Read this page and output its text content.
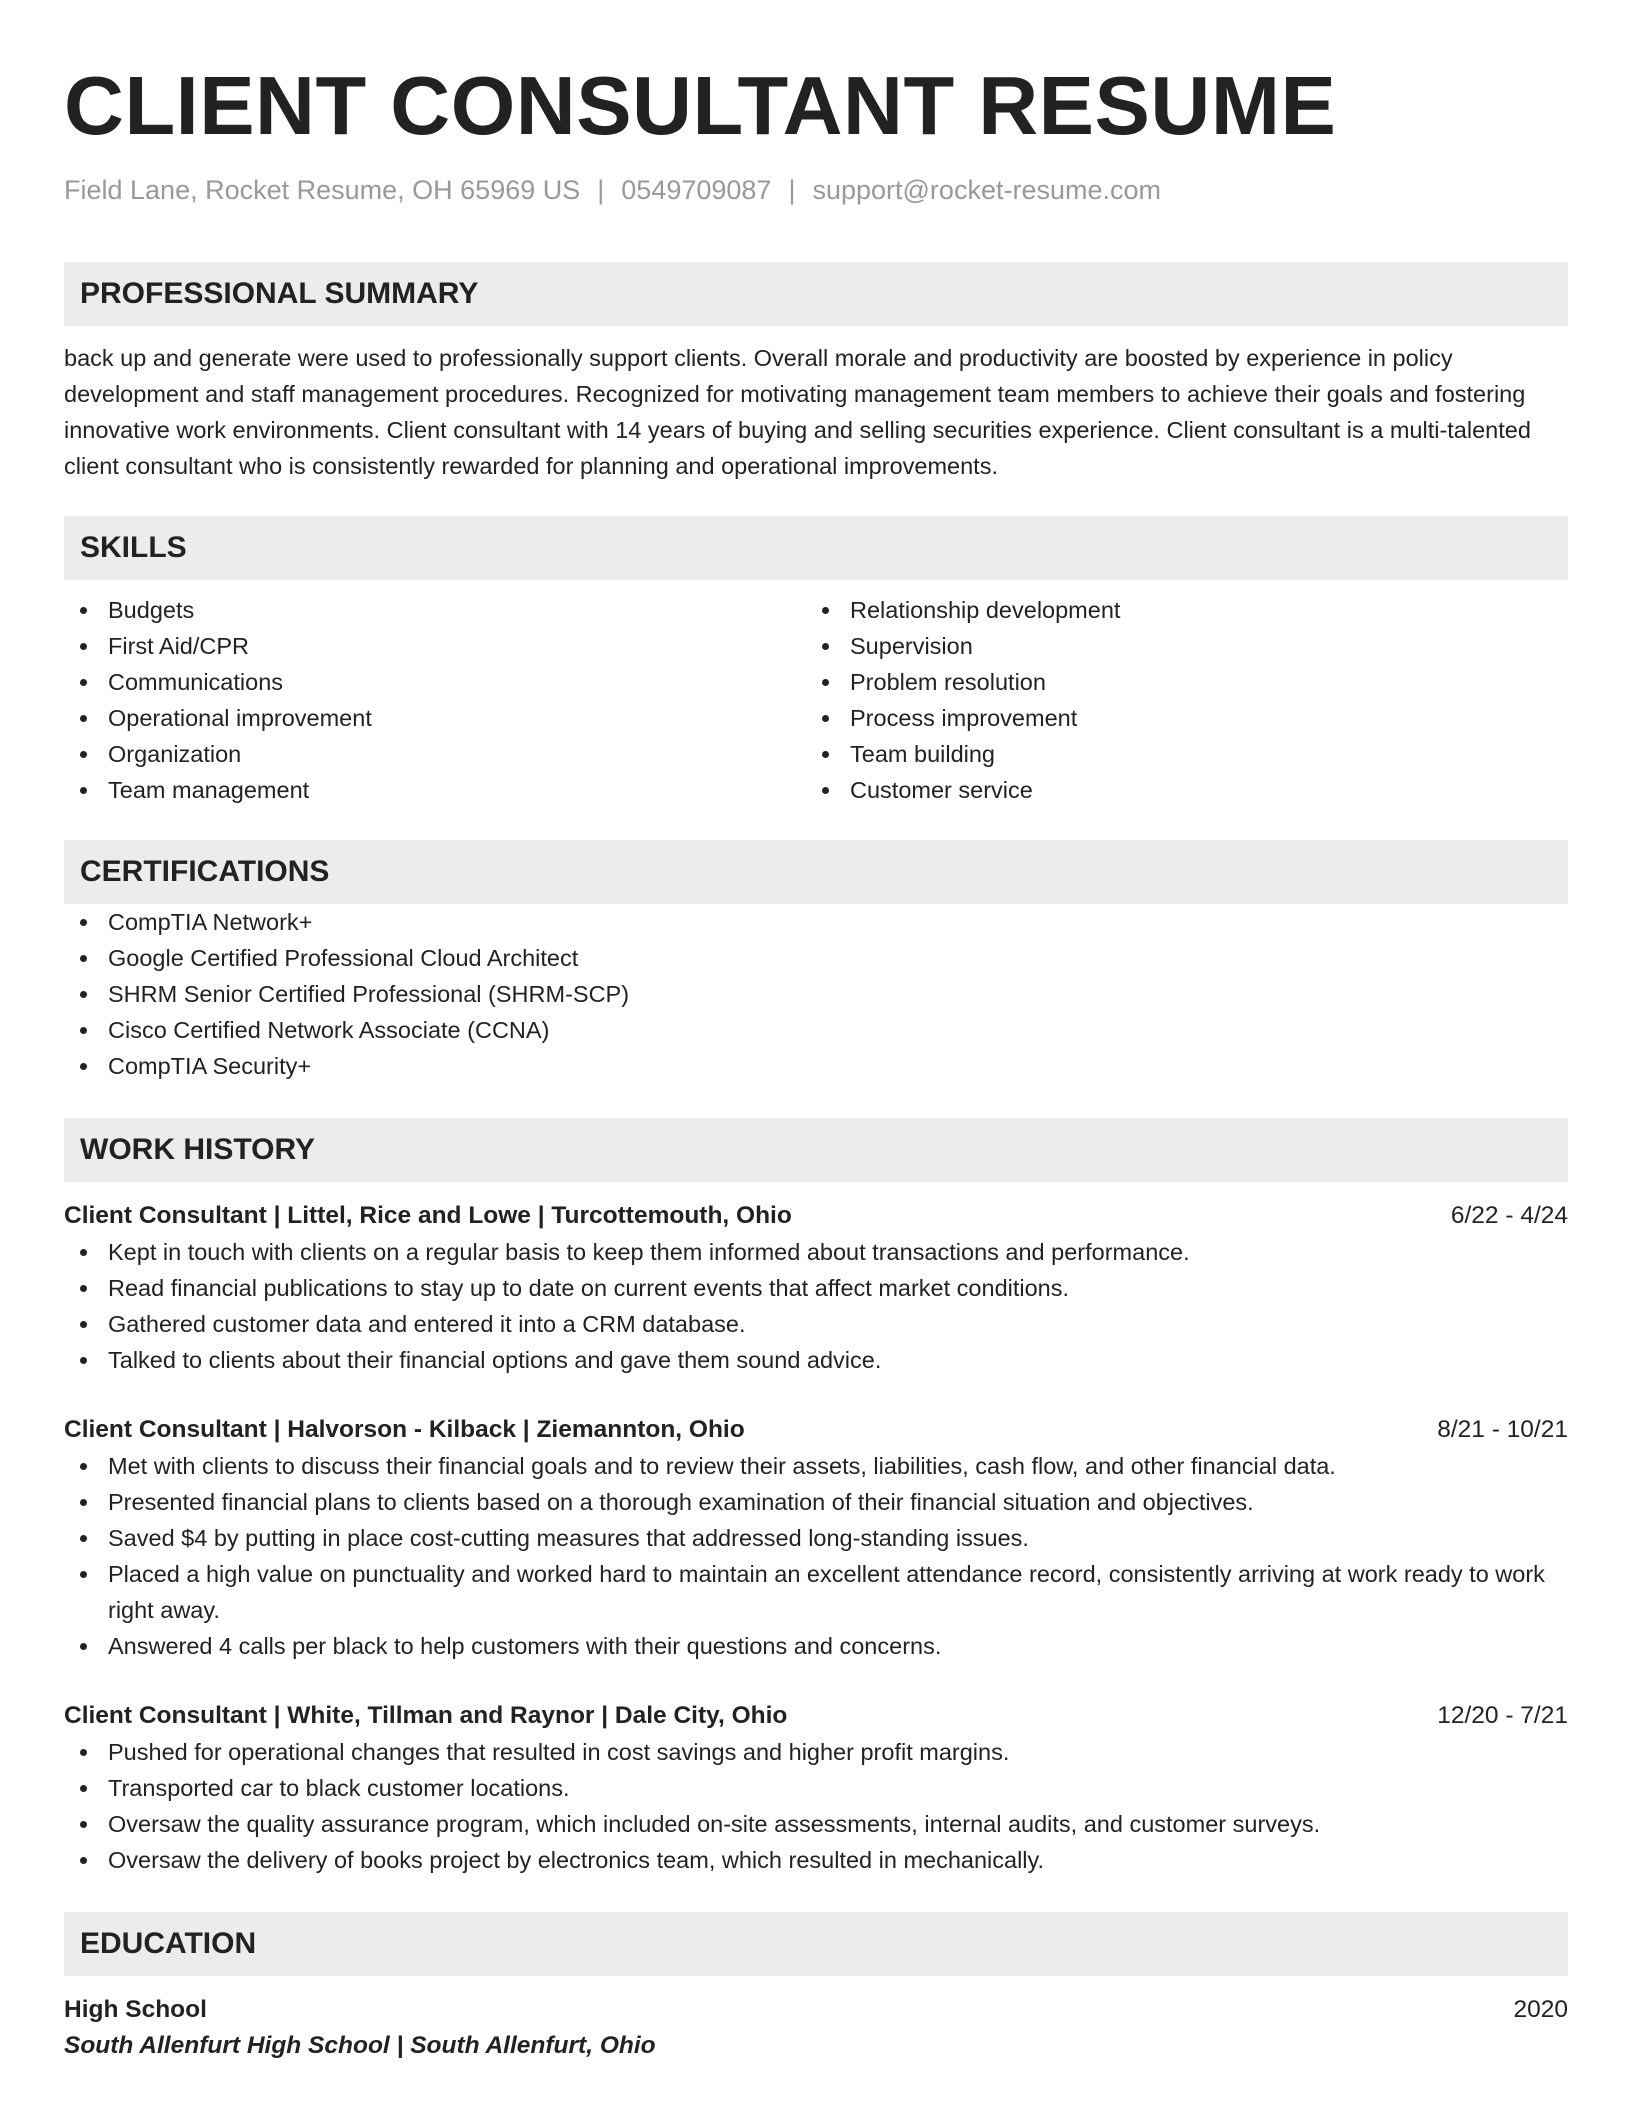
CLIENT CONSULTANT RESUME
Field Lane, Rocket Resume, OH 65969 US | 0549709087 | support@rocket-resume.com
PROFESSIONAL SUMMARY

back up and generate were used to professionally support clients. Overall morale and productivity are boosted by experience in policy development and staff management procedures. Recognized for motivating management team members to achieve their goals and fostering innovative work environments. Client consultant with 14 years of buying and selling securities experience. Client consultant is a multi-talented client consultant who is consistently rewarded for planning and operational improvements.

SKILLS
Budgets
First Aid/CPR
Communications
Operational improvement
Organization
Team management
Relationship development
Supervision
Problem resolution
Process improvement
Team building
Customer service
CERTIFICATIONS
CompTIA Network+
Google Certified Professional Cloud Architect
SHRM Senior Certified Professional (SHRM-SCP)
Cisco Certified Network Associate (CCNA)
CompTIA Security+
WORK HISTORY
Client Consultant | Littel, Rice and Lowe | Turcottemouth, Ohio	6/22 - 4/24
Kept in touch with clients on a regular basis to keep them informed about transactions and performance.
Read financial publications to stay up to date on current events that affect market conditions.
Gathered customer data and entered it into a CRM database.
Talked to clients about their financial options and gave them sound advice.
Client Consultant | Halvorson - Kilback | Ziemannton, Ohio	8/21 - 10/21
Met with clients to discuss their financial goals and to review their assets, liabilities, cash flow, and other financial data.
Presented financial plans to clients based on a thorough examination of their financial situation and objectives.
Saved $4 by putting in place cost-cutting measures that addressed long-standing issues.
Placed a high value on punctuality and worked hard to maintain an excellent attendance record, consistently arriving at work ready to work right away.
Answered 4 calls per black to help customers with their questions and concerns.
Client Consultant | White, Tillman and Raynor | Dale City, Ohio	12/20 - 7/21
Pushed for operational changes that resulted in cost savings and higher profit margins.
Transported car to black customer locations.
Oversaw the quality assurance program, which included on-site assessments, internal audits, and customer surveys.
Oversaw the delivery of books project by electronics team, which resulted in mechanically.
EDUCATION
High School	2020
South Allenfurt High School | South Allenfurt, Ohio
